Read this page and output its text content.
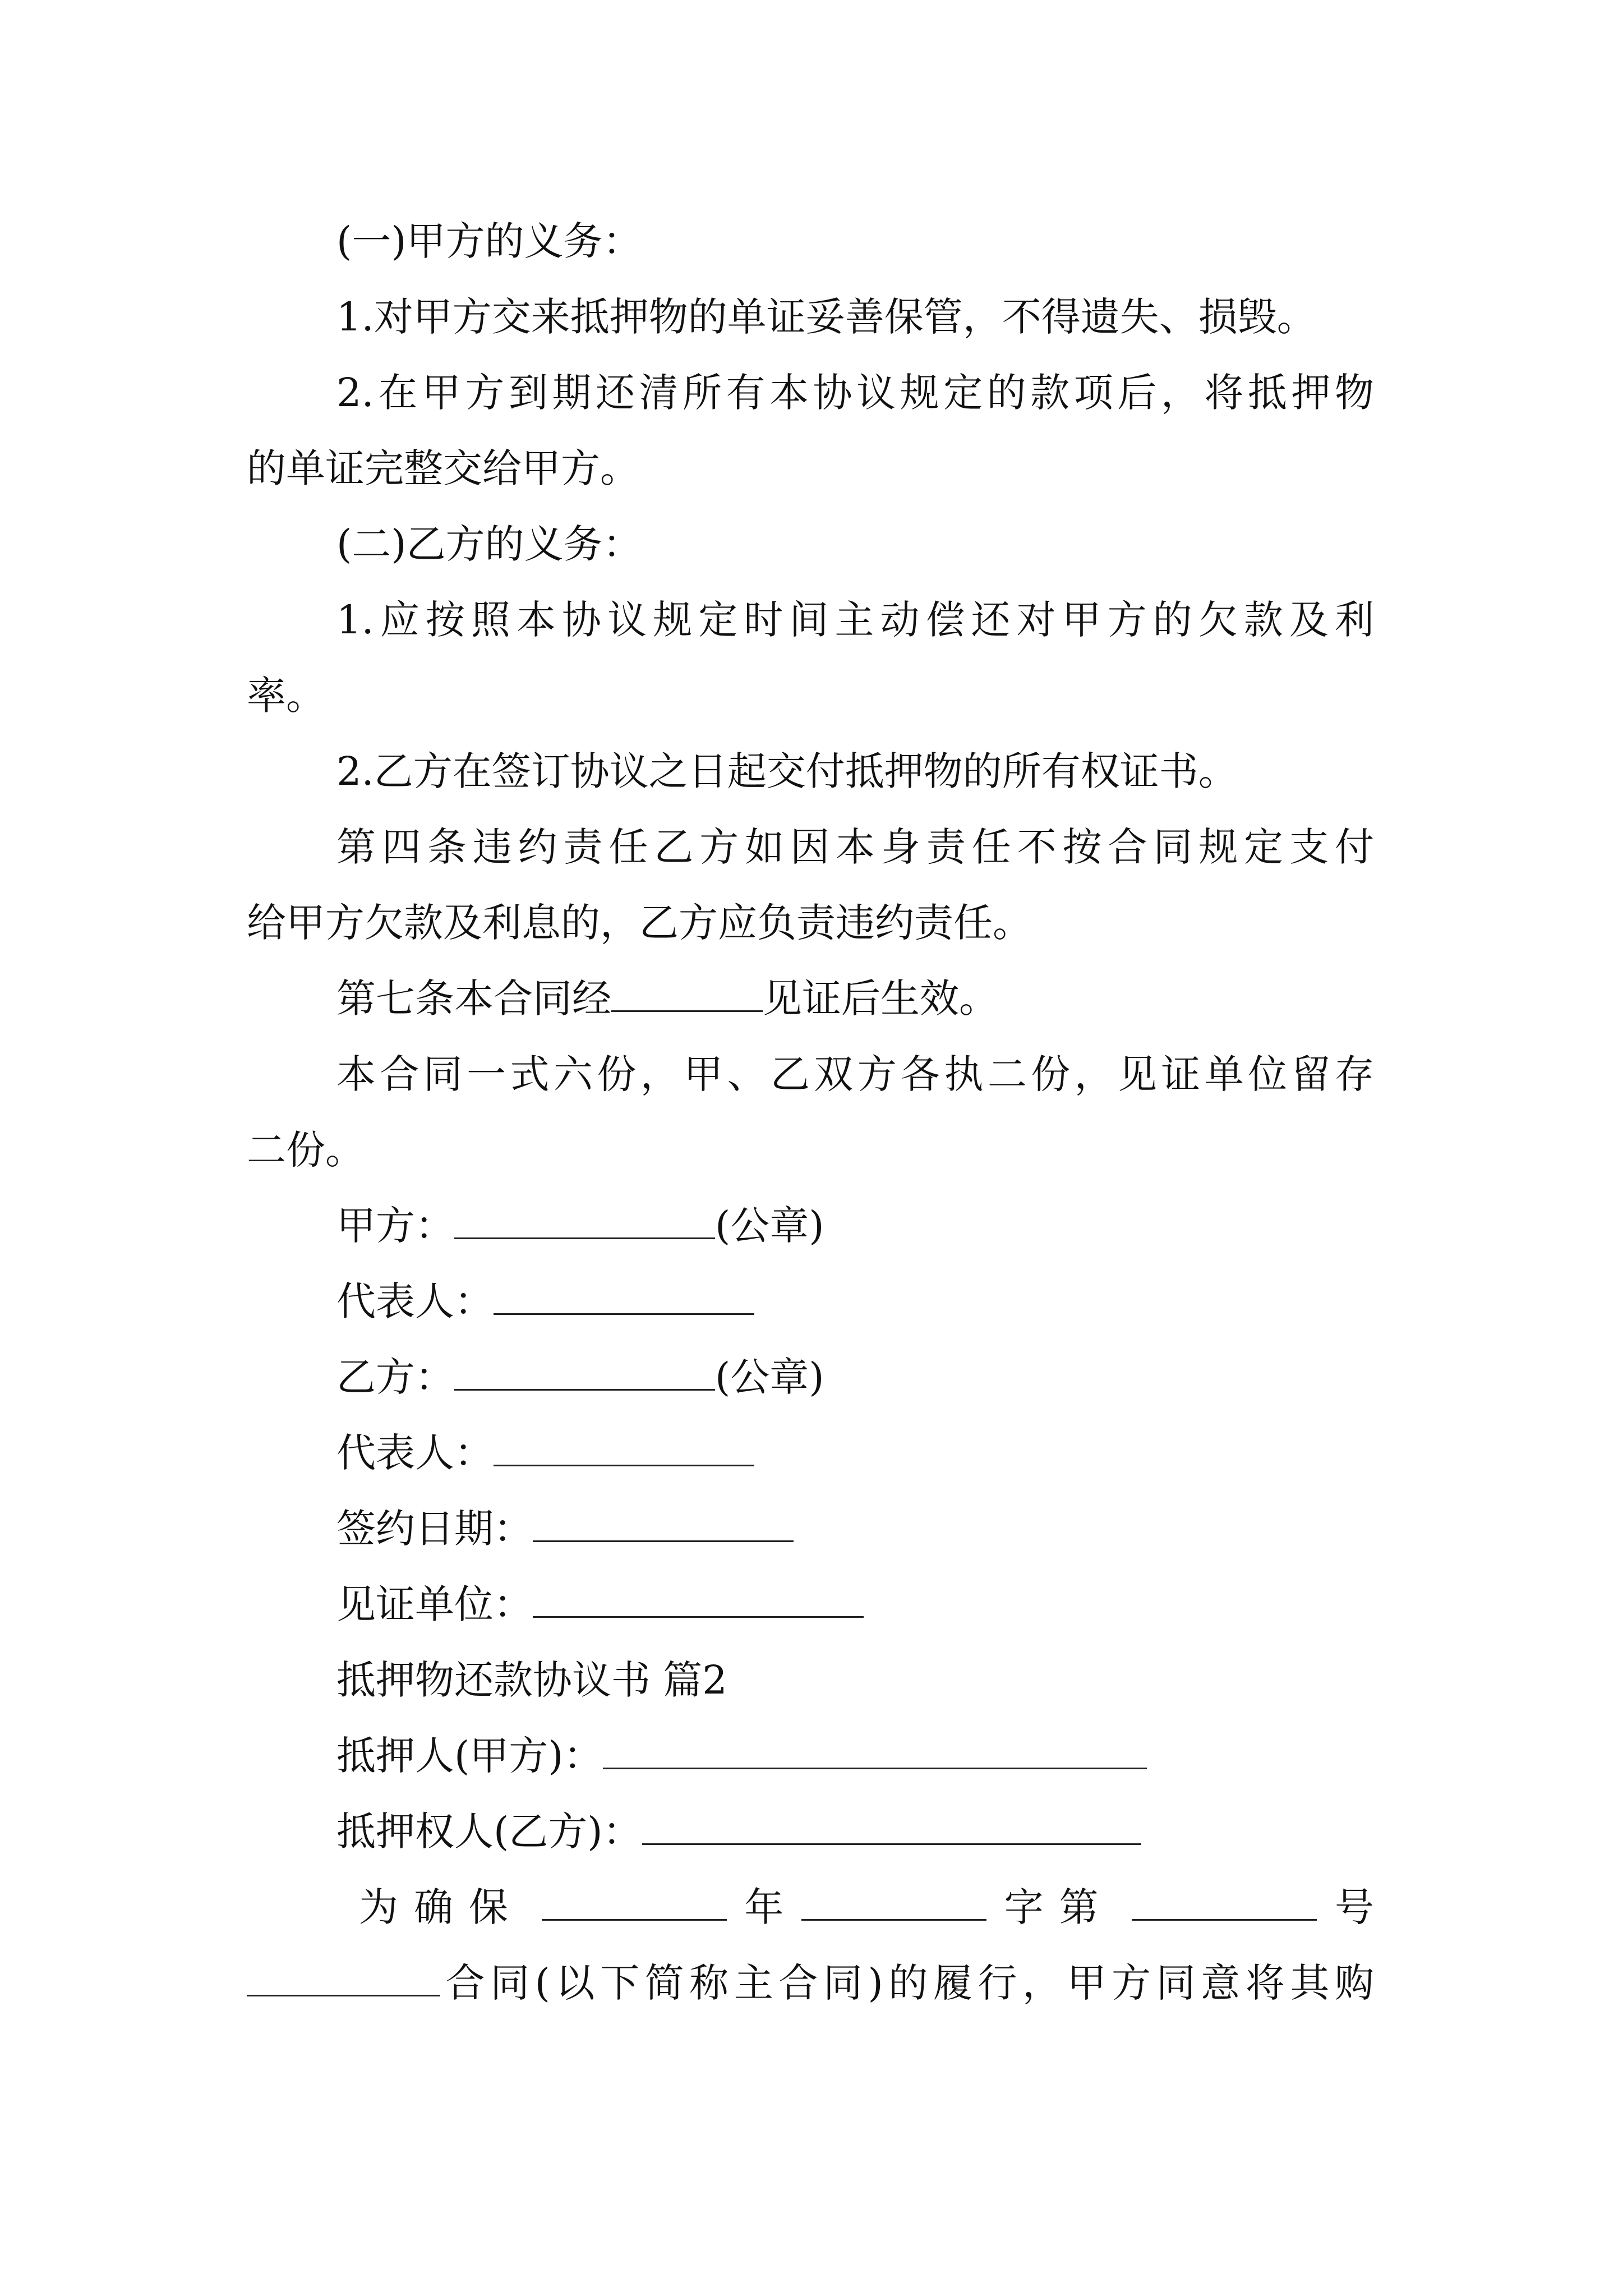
(一)甲方的义务：
1.对甲方交来抵押物的单证妥善保管，不得遗失、损毁。
2.在甲方到期还清所有本协议规定的款项后，将抵押物
的单证完整交给甲方。
(二)乙方的义务：
1.应按照本协议规定时间主动偿还对甲方的欠款及利
率。
2.乙方在签订协议之日起交付抵押物的所有权证书。
第四条违约责任乙方如因本身责任不按合同规定支付
给甲方欠款及利息的，乙方应负责违约责任。
第七条本合同经	见证后生效。
本合同一式六份，甲、乙双方各执二份，见证单位留存
二份。
甲方：	(公章)
代表人：
乙方：	(公章)
代表人：
签约日期：
见证单位：
抵押物还款协议书 篇2
抵押人(甲方)：
抵押权人(乙方)：
为确保	年	字第	号
合同(以下简称主合同)的履行，甲方同意将其购
